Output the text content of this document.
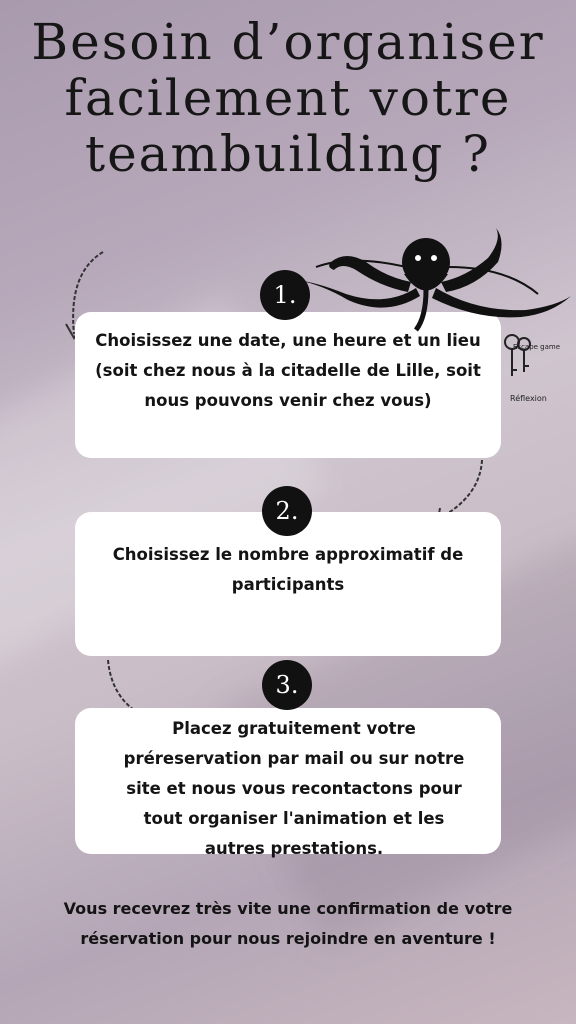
Besoin d’organiser
facilement votre
teambuilding ?
Escape game
Réflexion
1.
Choisissez une date, une heure et un lieu (soit chez nous à la citadelle de Lille, soit nous pouvons venir chez vous)
2.
Choisissez le nombre approximatif de participants
3.
Placez gratuitement votre préreservation par mail ou sur notre site et nous vous recontactons pour tout organiser l'animation et les autres prestations.

Vous recevrez très vite une confirmation de votre réservation pour nous rejoindre en aventure !
